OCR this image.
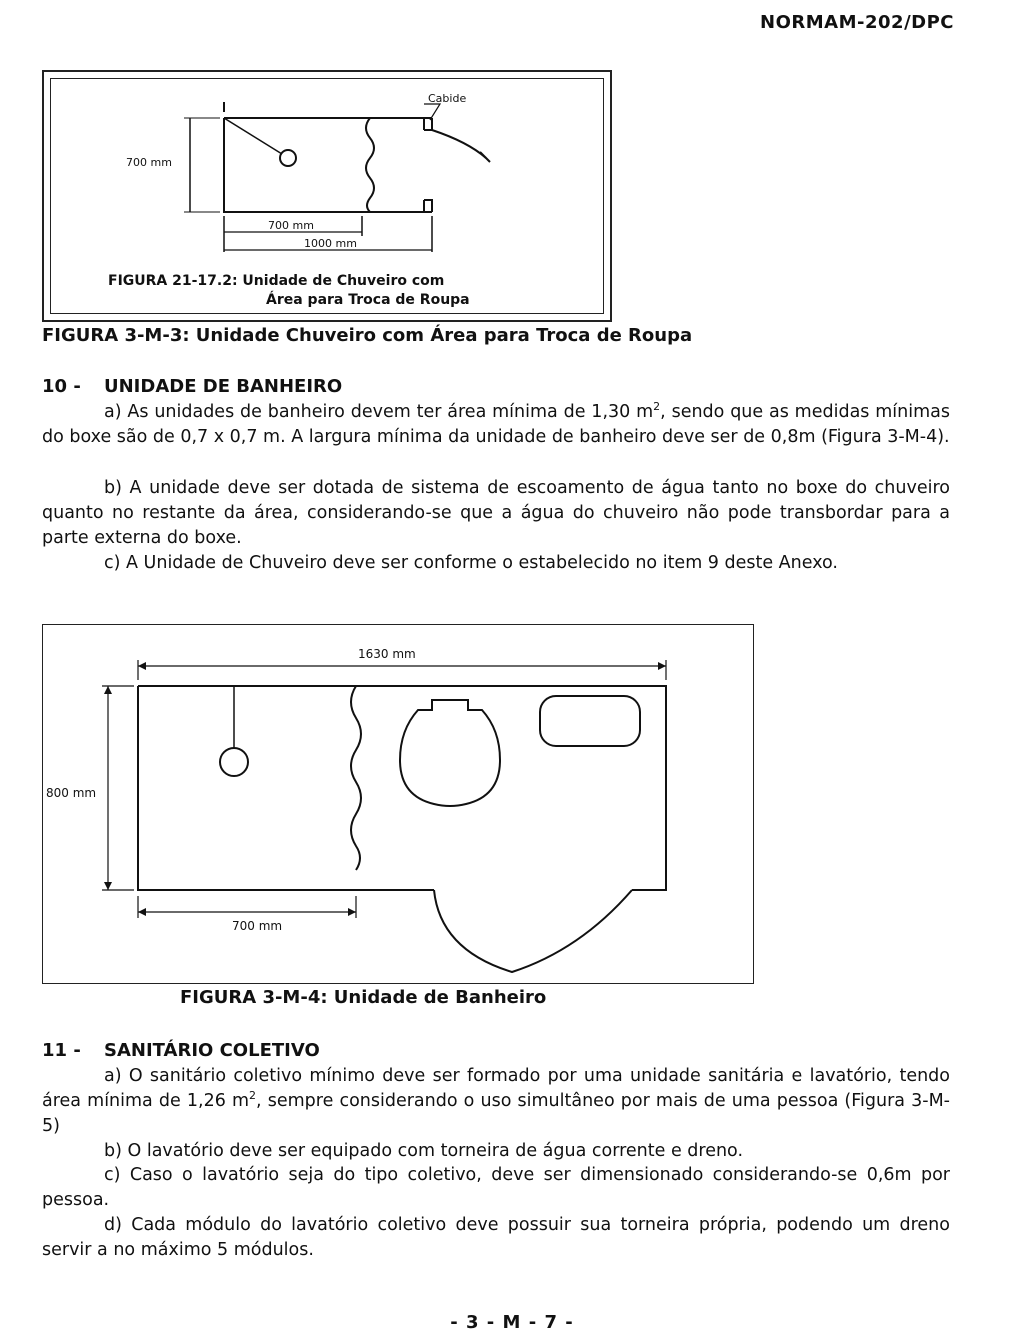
NORMAM-202/DPC
Cabide
700 mm
700 mm
1000 mm
FIGURA 21-17.2: Unidade de Chuveiro com
Área para Troca de Roupa
FIGURA 3-M-3: Unidade Chuveiro com Área para Troca de Roupa
10 - UNIDADE DE BANHEIRO

a) As unidades de banheiro devem ter área mínima de 1,30 $m^2$, sendo que as medidas mínimas do boxe são de 0,7 x 0,7 m. A largura mínima da unidade de banheiro deve ser de 0,8m (Figura 3-M-4).

b) A unidade deve ser dotada de sistema de escoamento de água tanto no boxe do chuveiro quanto no restante da área, considerando-se que a água do chuveiro não pode transbordar para a parte externa do boxe.

c) A Unidade de Chuveiro deve ser conforme o estabelecido no item 9 deste Anexo.

1630 mm
800 mm
700 mm
FIGURA 3-M-4: Unidade de Banheiro
11 - SANITÁRIO COLETIVO

a) O sanitário coletivo mínimo deve ser formado por uma unidade sanitária e lavatório, tendo área mínima de 1,26 $m^2$, sempre considerando o uso simultâneo por mais de uma pessoa (Figura 3-M-5)

b) O lavatório deve ser equipado com torneira de água corrente e dreno.

c) Caso o lavatório seja do tipo coletivo, deve ser dimensionado considerando-se 0,6m por pessoa.

d) Cada módulo do lavatório coletivo deve possuir sua torneira própria, podendo um dreno servir a no máximo 5 módulos.

- 3 - M - 7 -
